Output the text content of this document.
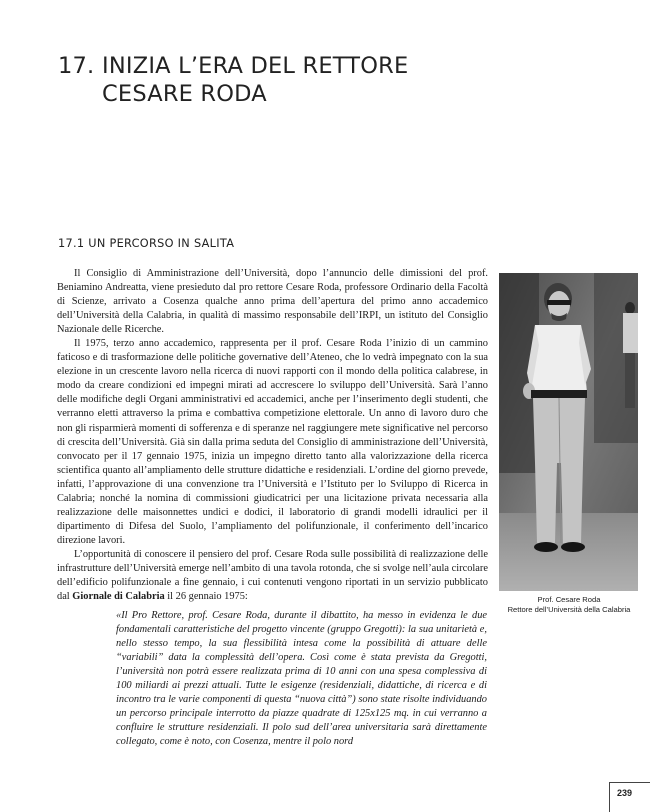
17. INIZIA L’ERA DEL RETTORE
CESARE RODA
17.1 UN PERCORSO IN SALITA

Il Consiglio di Amministrazione dell’Università, dopo l’annuncio delle dimissioni del prof. Beniamino Andreatta, viene presieduto dal pro rettore Cesare Roda, professore Ordinario della Facoltà di Scienze, arrivato a Cosenza qualche anno prima dell’apertura del primo anno accademico dell’Università della Calabria, in qualità di massimo responsabile dell’IRPI, un istituto del Consiglio Nazionale delle Ricerche.

Il 1975, terzo anno accademico, rappresenta per il prof. Cesare Roda l’inizio di un cammino faticoso e di trasformazione delle politiche governative dell’Ateneo, che lo vedrà impegnato con la sua elezione in un crescente lavoro nella ricerca di nuovi rapporti con il mondo della politica calabrese, in modo da creare condizioni ed impegni mirati ad accrescere lo sviluppo dell’Università. Sarà l’anno delle modifiche degli Organi amministrativi ed accademici, anche per l’inserimento degli studenti, che verranno eletti attraverso la prima e combattiva competizione elettorale. Un anno di lavoro duro che non gli risparmierà momenti di sofferenza e di speranze nel raggiungere mete significative nel percorso di crescita dell’Università. Già sin dalla prima seduta del Consiglio di amministrazione dell’Università, convocato per il 17 gennaio 1975, inizia un impegno diretto tanto alla valorizzazione della ricerca scientifica quanto all’ampliamento delle strutture didattiche e residenziali. L’ordine del giorno prevede, infatti, l’approvazione di una convenzione tra l’Università e l’Istituto per lo Sviluppo di Ricerca in Calabria; nonché la nomina di commissioni giudicatrici per una licitazione privata necessaria alla realizzazione delle maisonnettes undici e dodici, il laboratorio di grandi modelli idraulici per il dipartimento di Difesa del Suolo, l’ampliamento del polifunzionale, il conferimento dell’incarico direzione lavori.

L’opportunità di conoscere il pensiero del prof. Cesare Roda sulle possibilità di realizzazione delle infrastrutture dell’Università emerge nell’ambito di una tavola rotonda, che si svolge nell’aula circolare dell’edificio polifunzionale a fine gennaio, i cui contenuti vengono riportati in un servizio pubblicato dal Giornale di Calabria il 26 gennaio 1975:

«Il Pro Rettore, prof. Cesare Roda, durante il dibattito, ha messo in evidenza le due fondamentali caratteristiche del progetto vincente (gruppo Gregotti): la sua unitarietà e, nello stesso tempo, la sua flessibilità intesa come la possibilità di attuare delle “variabili” data la complessità dell’opera. Così come è stata prevista da Gregotti, l’università non potrà essere realizzata prima di 10 anni con una spesa complessiva di 100 miliardi ai prezzi attuali. Tutte le esigenze (residenziali, didattiche, di ricerca e di incontro tra le varie componenti di questa “nuova città”) sono state risolte individuando un percorso principale interrotto da piazze quadrate di 125x125 mq. in cui verranno a confluire le strutture residenziali. Il polo sud dell’area universitaria sarà direttamente collegato, come è noto, con Cosenza, mentre il polo nord

Prof. Cesare Roda
Rettore dell’Università della Calabria
239
